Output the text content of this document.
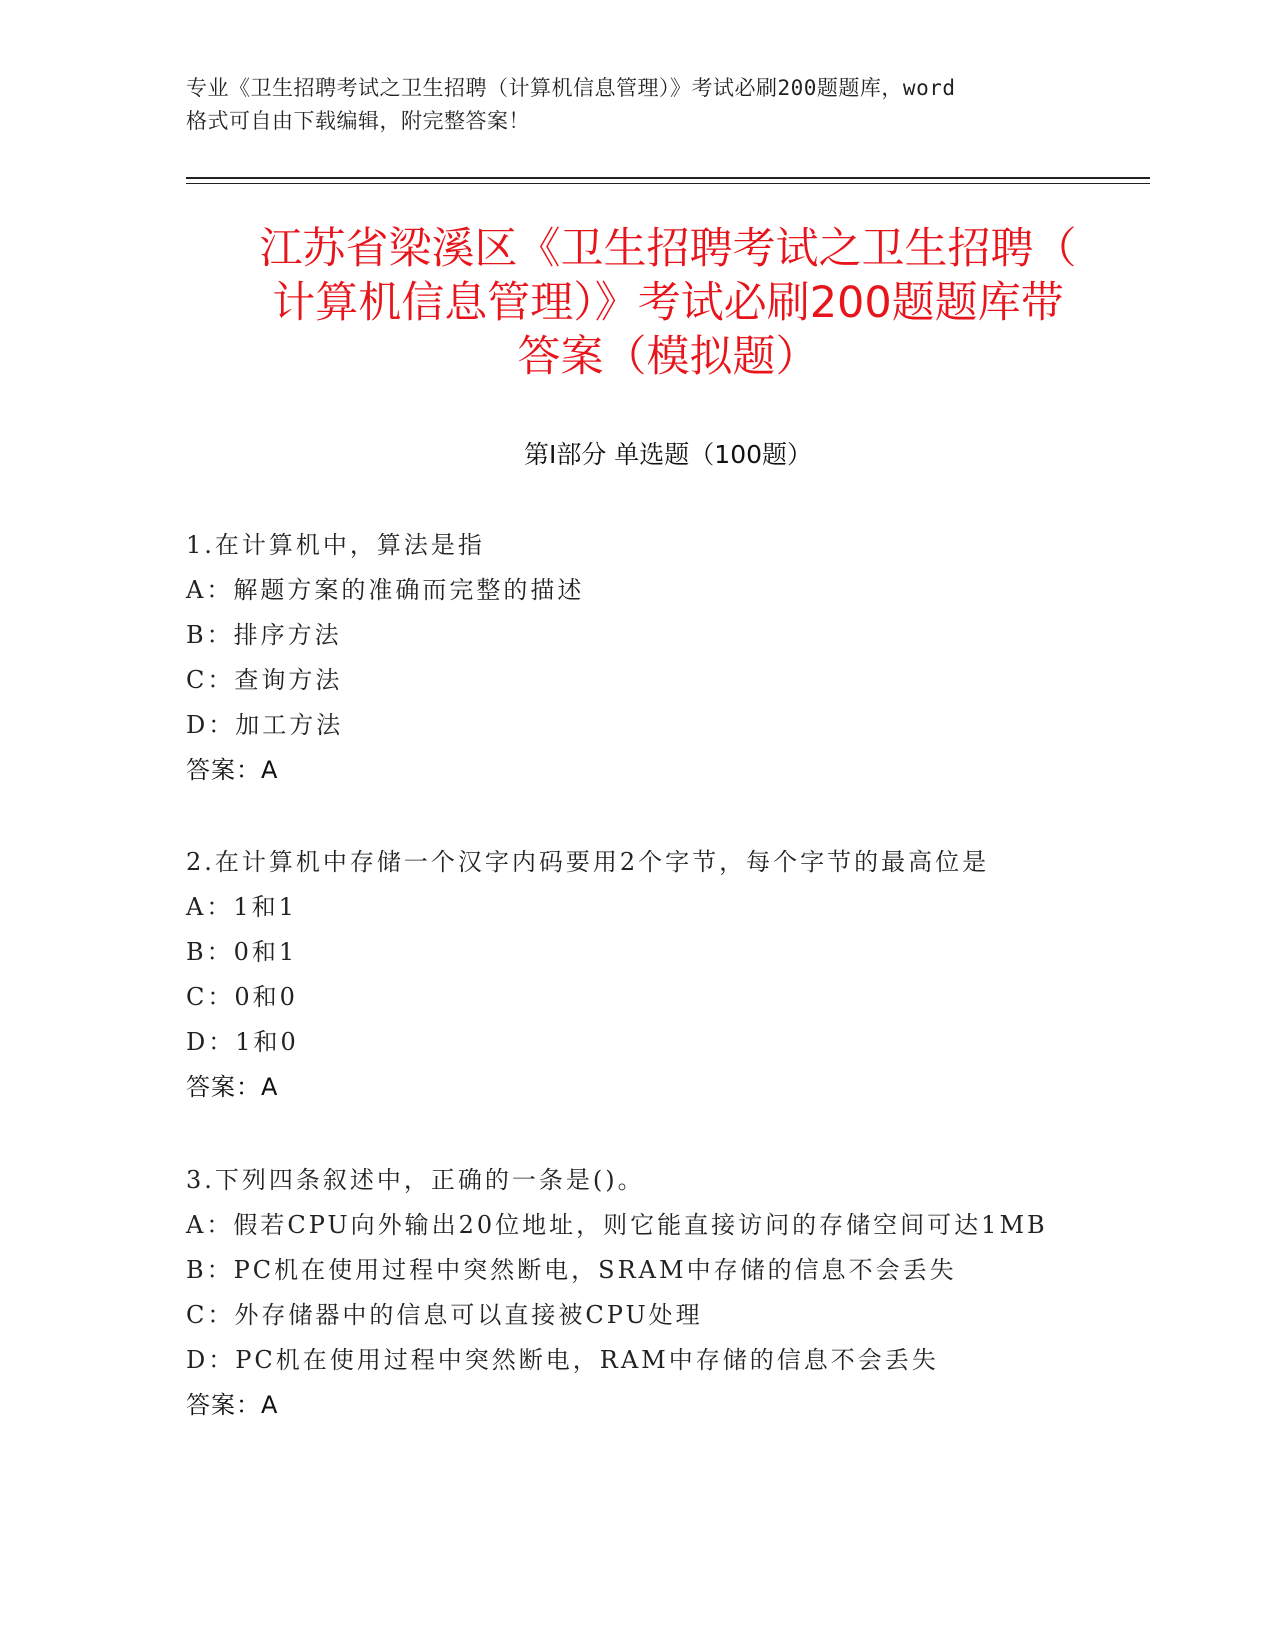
专业《卫生招聘考试之卫生招聘（计算机信息管理）》考试必刷200题题库，word
格式可自由下载编辑，附完整答案！
江苏省梁溪区《卫生招聘考试之卫生招聘（
计算机信息管理）》考试必刷200题题库带
答案（模拟题）
第Ⅰ部分 单选题（100题）
1.在计算机中，算法是指
A：解题方案的准确而完整的描述
B：排序方法
C：查询方法
D：加工方法
答案：A
2.在计算机中存储一个汉字内码要用2个字节，每个字节的最高位是
A：1和1
B：0和1
C：0和0
D：1和0
答案：A
3.下列四条叙述中，正确的一条是()。
A：假若CPU向外输出20位地址，则它能直接访问的存储空间可达1MB
B：PC机在使用过程中突然断电，SRAM中存储的信息不会丢失
C：外存储器中的信息可以直接被CPU处理
D：PC机在使用过程中突然断电，RAM中存储的信息不会丢失
答案：A
